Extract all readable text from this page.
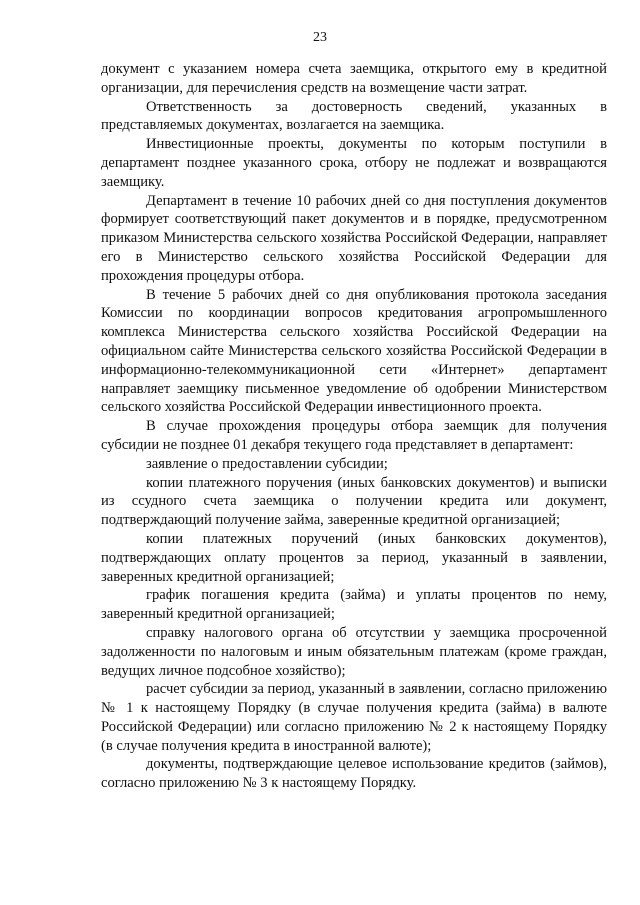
23

документ с указанием номера счета заемщика, открытого ему в кредитной организации, для перечисления средств на возмещение части затрат.

Ответственность за достоверность сведений, указанных в представляемых документах, возлагается на заемщика.

Инвестиционные проекты, документы по которым поступили в департамент позднее указанного срока, отбору не подлежат и возвращаются заемщику.

Департамент в течение 10 рабочих дней со дня поступления документов формирует соответствующий пакет документов и в порядке, предусмотренном приказом Министерства сельского хозяйства Российской Федерации, направляет его в Министерство сельского хозяйства Российской Федерации для прохождения процедуры отбора.

В течение 5 рабочих дней со дня опубликования протокола заседания Комиссии по координации вопросов кредитования агропромышленного комплекса Министерства сельского хозяйства Российской Федерации на официальном сайте Министерства сельского хозяйства Российской Федерации в информационно-телекоммуникационной сети «Интернет» департамент направляет заемщику письменное уведомление об одобрении Министерством сельского хозяйства Российской Федерации инвестиционного проекта.

В случае прохождения процедуры отбора заемщик для получения субсидии не позднее 01 декабря текущего года представляет в департамент:

заявление о предоставлении субсидии;

копии платежного поручения (иных банковских документов) и выписки из ссудного счета заемщика о получении кредита или документ, подтверждающий получение займа, заверенные кредитной организацией;

копии платежных поручений (иных банковских документов), подтверждающих оплату процентов за период, указанный в заявлении, заверенных кредитной организацией;

график погашения кредита (займа) и уплаты процентов по нему, заверенный кредитной организацией;

справку налогового органа об отсутствии у заемщика просроченной задолженности по налоговым и иным обязательным платежам (кроме граждан, ведущих личное подсобное хозяйство);

расчет субсидии за период, указанный в заявлении, согласно приложению № 1 к настоящему Порядку (в случае получения кредита (займа) в валюте Российской Федерации) или согласно приложению № 2 к настоящему Порядку (в случае получения кредита в иностранной валюте);

документы, подтверждающие целевое использование кредитов (займов), согласно приложению № 3 к настоящему Порядку.
